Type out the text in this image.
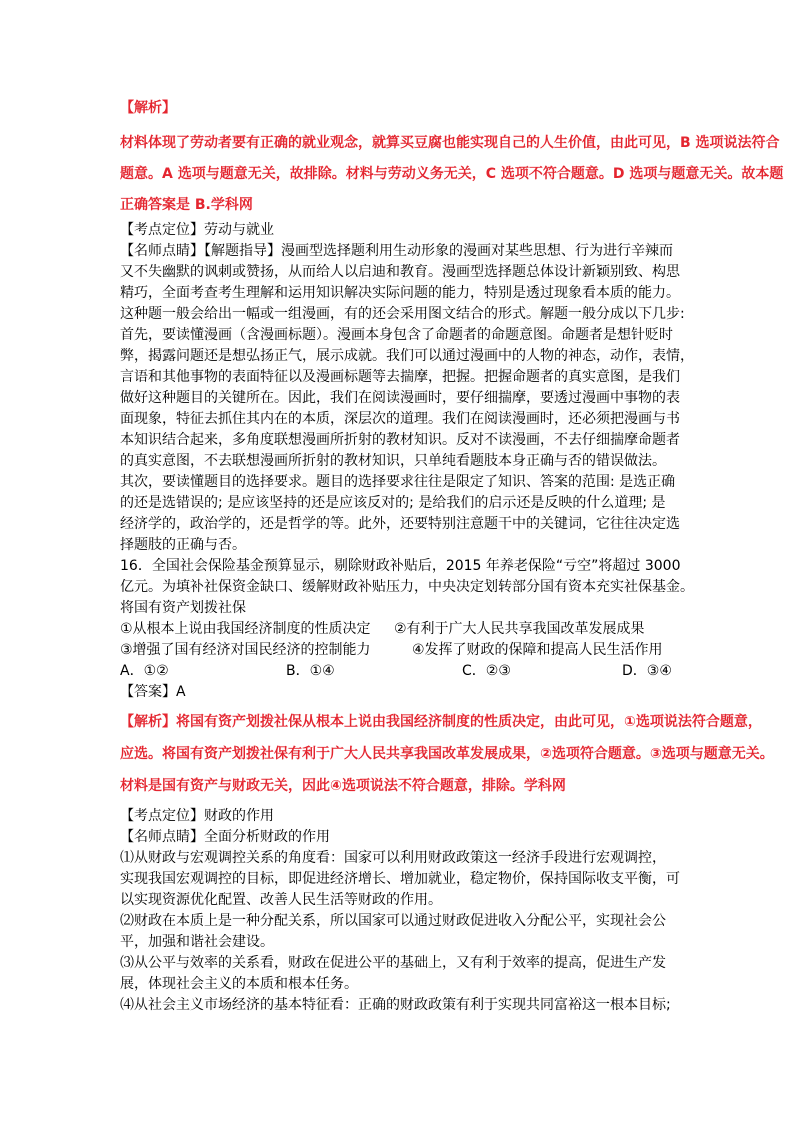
【解析】
材料体现了劳动者要有正确的就业观念，就算买豆腐也能实现自己的人生价值，由此可见，B 选项说法符合
题意。A 选项与题意无关，故排除。材料与劳动义务无关，C 选项不符合题意。D 选项与题意无关。故本题
正确答案是 B.学科网
【考点定位】劳动与就业
【名师点睛】【解题指导】漫画型选择题利用生动形象的漫画对某些思想、行为进行辛辣而
又不失幽默的讽刺或赞扬，从而给人以启迪和教育。漫画型选择题总体设计新颖别致、构思
精巧，全面考查考生理解和运用知识解决实际问题的能力，特别是透过现象看本质的能力。
这种题一般会给出一幅或一组漫画，有的还会采用图文结合的形式。解题一般分成以下几步:
首先，要读懂漫画（含漫画标题）。漫画本身包含了命题者的命题意图。命题者是想针贬时
弊，揭露问题还是想弘扬正气，展示成就。我们可以通过漫画中的人物的神态，动作，表情，
言语和其他事物的表面特征以及漫画标题等去揣摩，把握。把握命题者的真实意图，是我们
做好这种题目的关键所在。因此，我们在阅读漫画时，要仔细揣摩，要透过漫画中事物的表
面现象，特征去抓住其内在的本质，深层次的道理。我们在阅读漫画时，还必须把漫画与书
本知识结合起来，多角度联想漫画所折射的教材知识。反对不读漫画，不去仔细揣摩命题者
的真实意图，不去联想漫画所折射的教材知识，只单纯看题肢本身正确与否的错误做法。
其次，要读懂题目的选择要求。题目的选择要求往往是限定了知识、答案的范围: 是选正确
的还是选错误的; 是应该坚持的还是应该反对的; 是给我们的启示还是反映的什么道理; 是
经济学的，政治学的，还是哲学的等。此外，还要特别注意题干中的关键词，它往往决定选
择题肢的正确与否。
16．全国社会保险基金预算显示，剔除财政补贴后，2015 年养老保险“亏空”将超过 3000
亿元。为填补社保资金缺口、缓解财政补贴压力，中央决定划转部分国有资本充实社保基金。
将国有资产划拨社保
①从根本上说由我国经济制度的性质决定 ②有利于广大人民共享我国改革发展成果
③增强了国有经济对国民经济的控制能力	④发挥了财政的保障和提高人民生活作用
A．①②	B．①④	C．②③	D．③④
【答案】A
【解析】将国有资产划拨社保从根本上说由我国经济制度的性质决定，由此可见，①选项说法符合题意，
应选。将国有资产划拨社保有利于广大人民共享我国改革发展成果，②选项符合题意。③选项与题意无关。
材料是国有资产与财政无关，因此④选项说法不符合题意，排除。学科网
【考点定位】财政的作用
【名师点睛】全面分析财政的作用
⑴从财政与宏观调控关系的角度看：国家可以利用财政政策这一经济手段进行宏观调控，
实现我国宏观调控的目标，即促进经济增长、增加就业，稳定物价，保持国际收支平衡，可
以实现资源优化配置、改善人民生活等财政的作用。
⑵财政在本质上是一种分配关系，所以国家可以通过财政促进收入分配公平，实现社会公
平，加强和谐社会建设。
⑶从公平与效率的关系看，财政在促进公平的基础上，又有利于效率的提高，促进生产发
展，体现社会主义的本质和根本任务。
⑷从社会主义市场经济的基本特征看：正确的财政政策有利于实现共同富裕这一根本目标;
